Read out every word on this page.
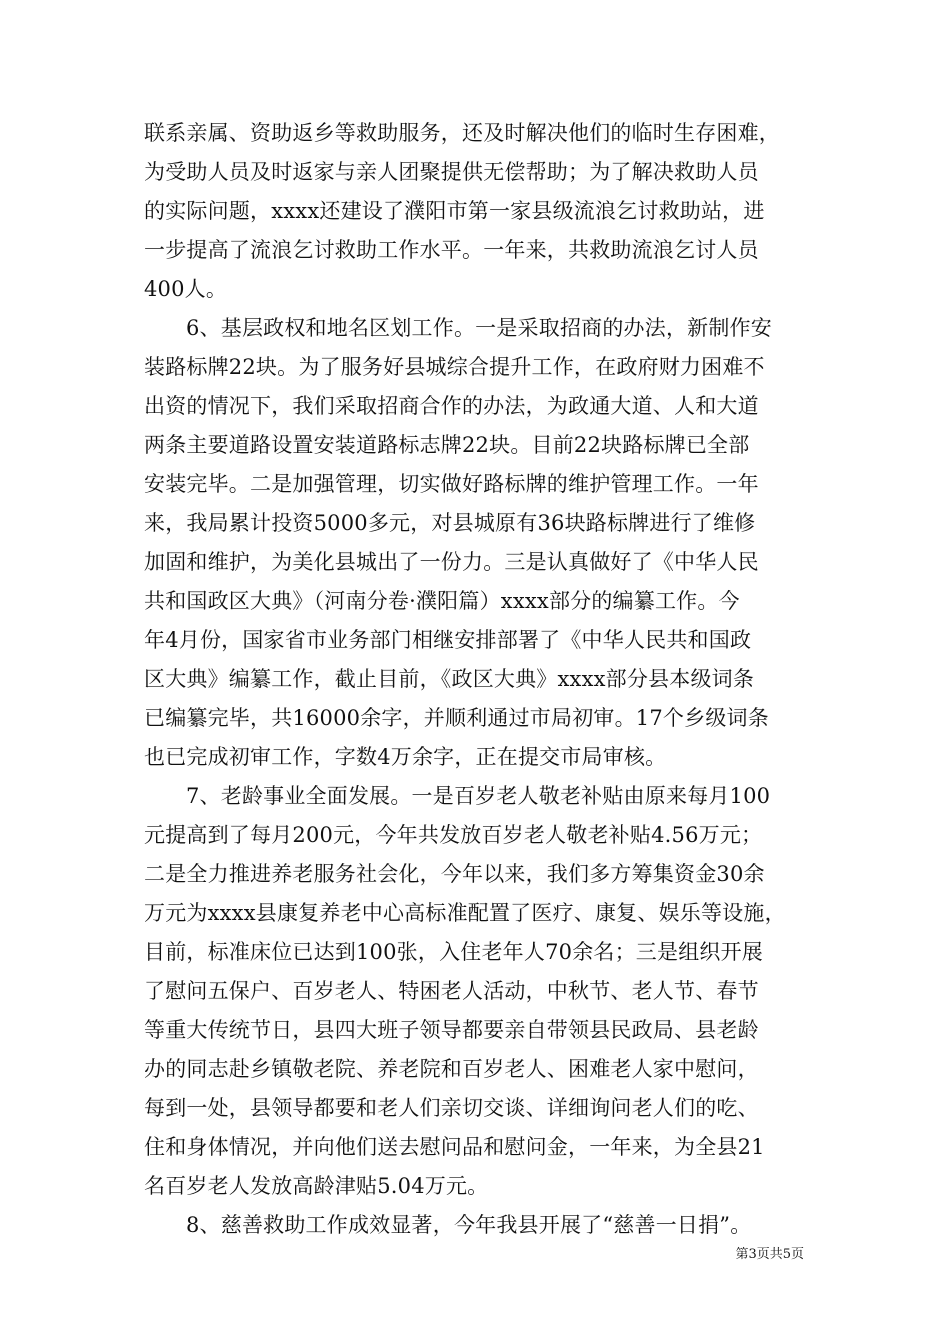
联系亲属、资助返乡等救助服务，还及时解决他们的临时生存困难，
为受助人员及时返家与亲人团聚提供无偿帮助；为了解决救助人员
的实际问题，xxxx还建设了濮阳市第一家县级流浪乞讨救助站，进
一步提高了流浪乞讨救助工作水平。一年来，共救助流浪乞讨人员
400人。
6、基层政权和地名区划工作。一是采取招商的办法，新制作安
装路标牌22块。为了服务好县城综合提升工作，在政府财力困难不
出资的情况下，我们采取招商合作的办法，为政通大道、人和大道
两条主要道路设置安装道路标志牌22块。目前22块路标牌已全部
安装完毕。二是加强管理，切实做好路标牌的维护管理工作。一年
来，我局累计投资5000多元，对县城原有36块路标牌进行了维修
加固和维护，为美化县城出了一份力。三是认真做好了《中华人民
共和国政区大典》（河南分卷·濮阳篇）xxxx部分的编纂工作。今
年4月份，国家省市业务部门相继安排部署了《中华人民共和国政
区大典》编纂工作，截止目前，《政区大典》xxxx部分县本级词条
已编纂完毕，共16000余字，并顺利通过市局初审。17个乡级词条
也已完成初审工作，字数4万余字，正在提交市局审核。
7、老龄事业全面发展。一是百岁老人敬老补贴由原来每月100
元提高到了每月200元，今年共发放百岁老人敬老补贴4.56万元；
二是全力推进养老服务社会化，今年以来，我们多方筹集资金30余
万元为xxxx县康复养老中心高标准配置了医疗、康复、娱乐等设施，
目前，标准床位已达到100张，入住老年人70余名；三是组织开展
了慰问五保户、百岁老人、特困老人活动，中秋节、老人节、春节
等重大传统节日，县四大班子领导都要亲自带领县民政局、县老龄
办的同志赴乡镇敬老院、养老院和百岁老人、困难老人家中慰问，
每到一处，县领导都要和老人们亲切交谈、详细询问老人们的吃、
住和身体情况，并向他们送去慰问品和慰问金，一年来，为全县21
名百岁老人发放高龄津贴5.04万元。
8、慈善救助工作成效显著，今年我县开展了“慈善一日捐”。
第3页共5页
